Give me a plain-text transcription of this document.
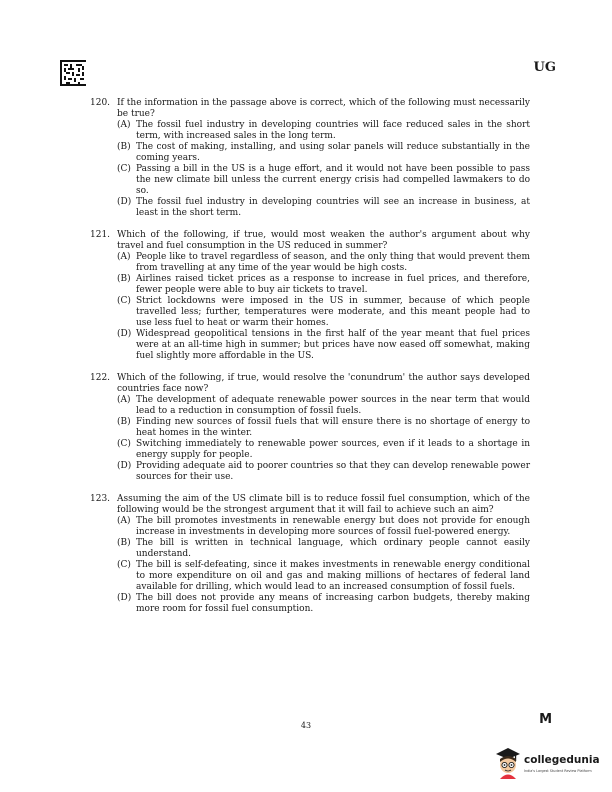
UG
120. If the information in the passage above is correct, which of the following must necessarily be true?
(A) The fossil fuel industry in developing countries will face reduced sales in the short term, with increased sales in the long term.
(B) The cost of making, installing, and using solar panels will reduce substantially in the coming years.
(C) Passing a bill in the US is a huge effort, and it would not have been possible to pass the new climate bill unless the current energy crisis had compelled lawmakers to do so.
(D) The fossil fuel industry in developing countries will see an increase in business, at least in the short term.
121. Which of the following, if true, would most weaken the author's argument about why travel and fuel consumption in the US reduced in summer?
(A) People like to travel regardless of season, and the only thing that would prevent them from travelling at any time of the year would be high costs.
(B) Airlines raised ticket prices as a response to increase in fuel prices, and therefore, fewer people were able to buy air tickets to travel.
(C) Strict lockdowns were imposed in the US in summer, because of which people travelled less; further, temperatures were moderate, and this meant people had to use less fuel to heat or warm their homes.
(D) Widespread geopolitical tensions in the first half of the year meant that fuel prices were at an all-time high in summer; but prices have now eased off somewhat, making fuel slightly more affordable in the US.
122. Which of the following, if true, would resolve the 'conundrum' the author says developed countries face now?
(A) The development of adequate renewable power sources in the near term that would lead to a reduction in consumption of fossil fuels.
(B) Finding new sources of fossil fuels that will ensure there is no shortage of energy to heat homes in the winter.
(C) Switching immediately to renewable power sources, even if it leads to a shortage in energy supply for people.
(D) Providing adequate aid to poorer countries so that they can develop renewable power sources for their use.
123. Assuming the aim of the US climate bill is to reduce fossil fuel consumption, which of the following would be the strongest argument that it will fail to achieve such an aim?
(A) The bill promotes investments in renewable energy but does not provide for enough increase in investments in developing more sources of fossil fuel-powered energy.
(B) The bill is written in technical language, which ordinary people cannot easily understand.
(C) The bill is self-defeating, since it makes investments in renewable energy conditional to more expenditure on oil and gas and making millions of hectares of federal land available for drilling, which would lead to an increased consumption of fossil fuels.
(D) The bill does not provide any means of increasing carbon budgets, thereby making more room for fossil fuel consumption.
43	M
collegedunia
India's Largest Student Review Platform
